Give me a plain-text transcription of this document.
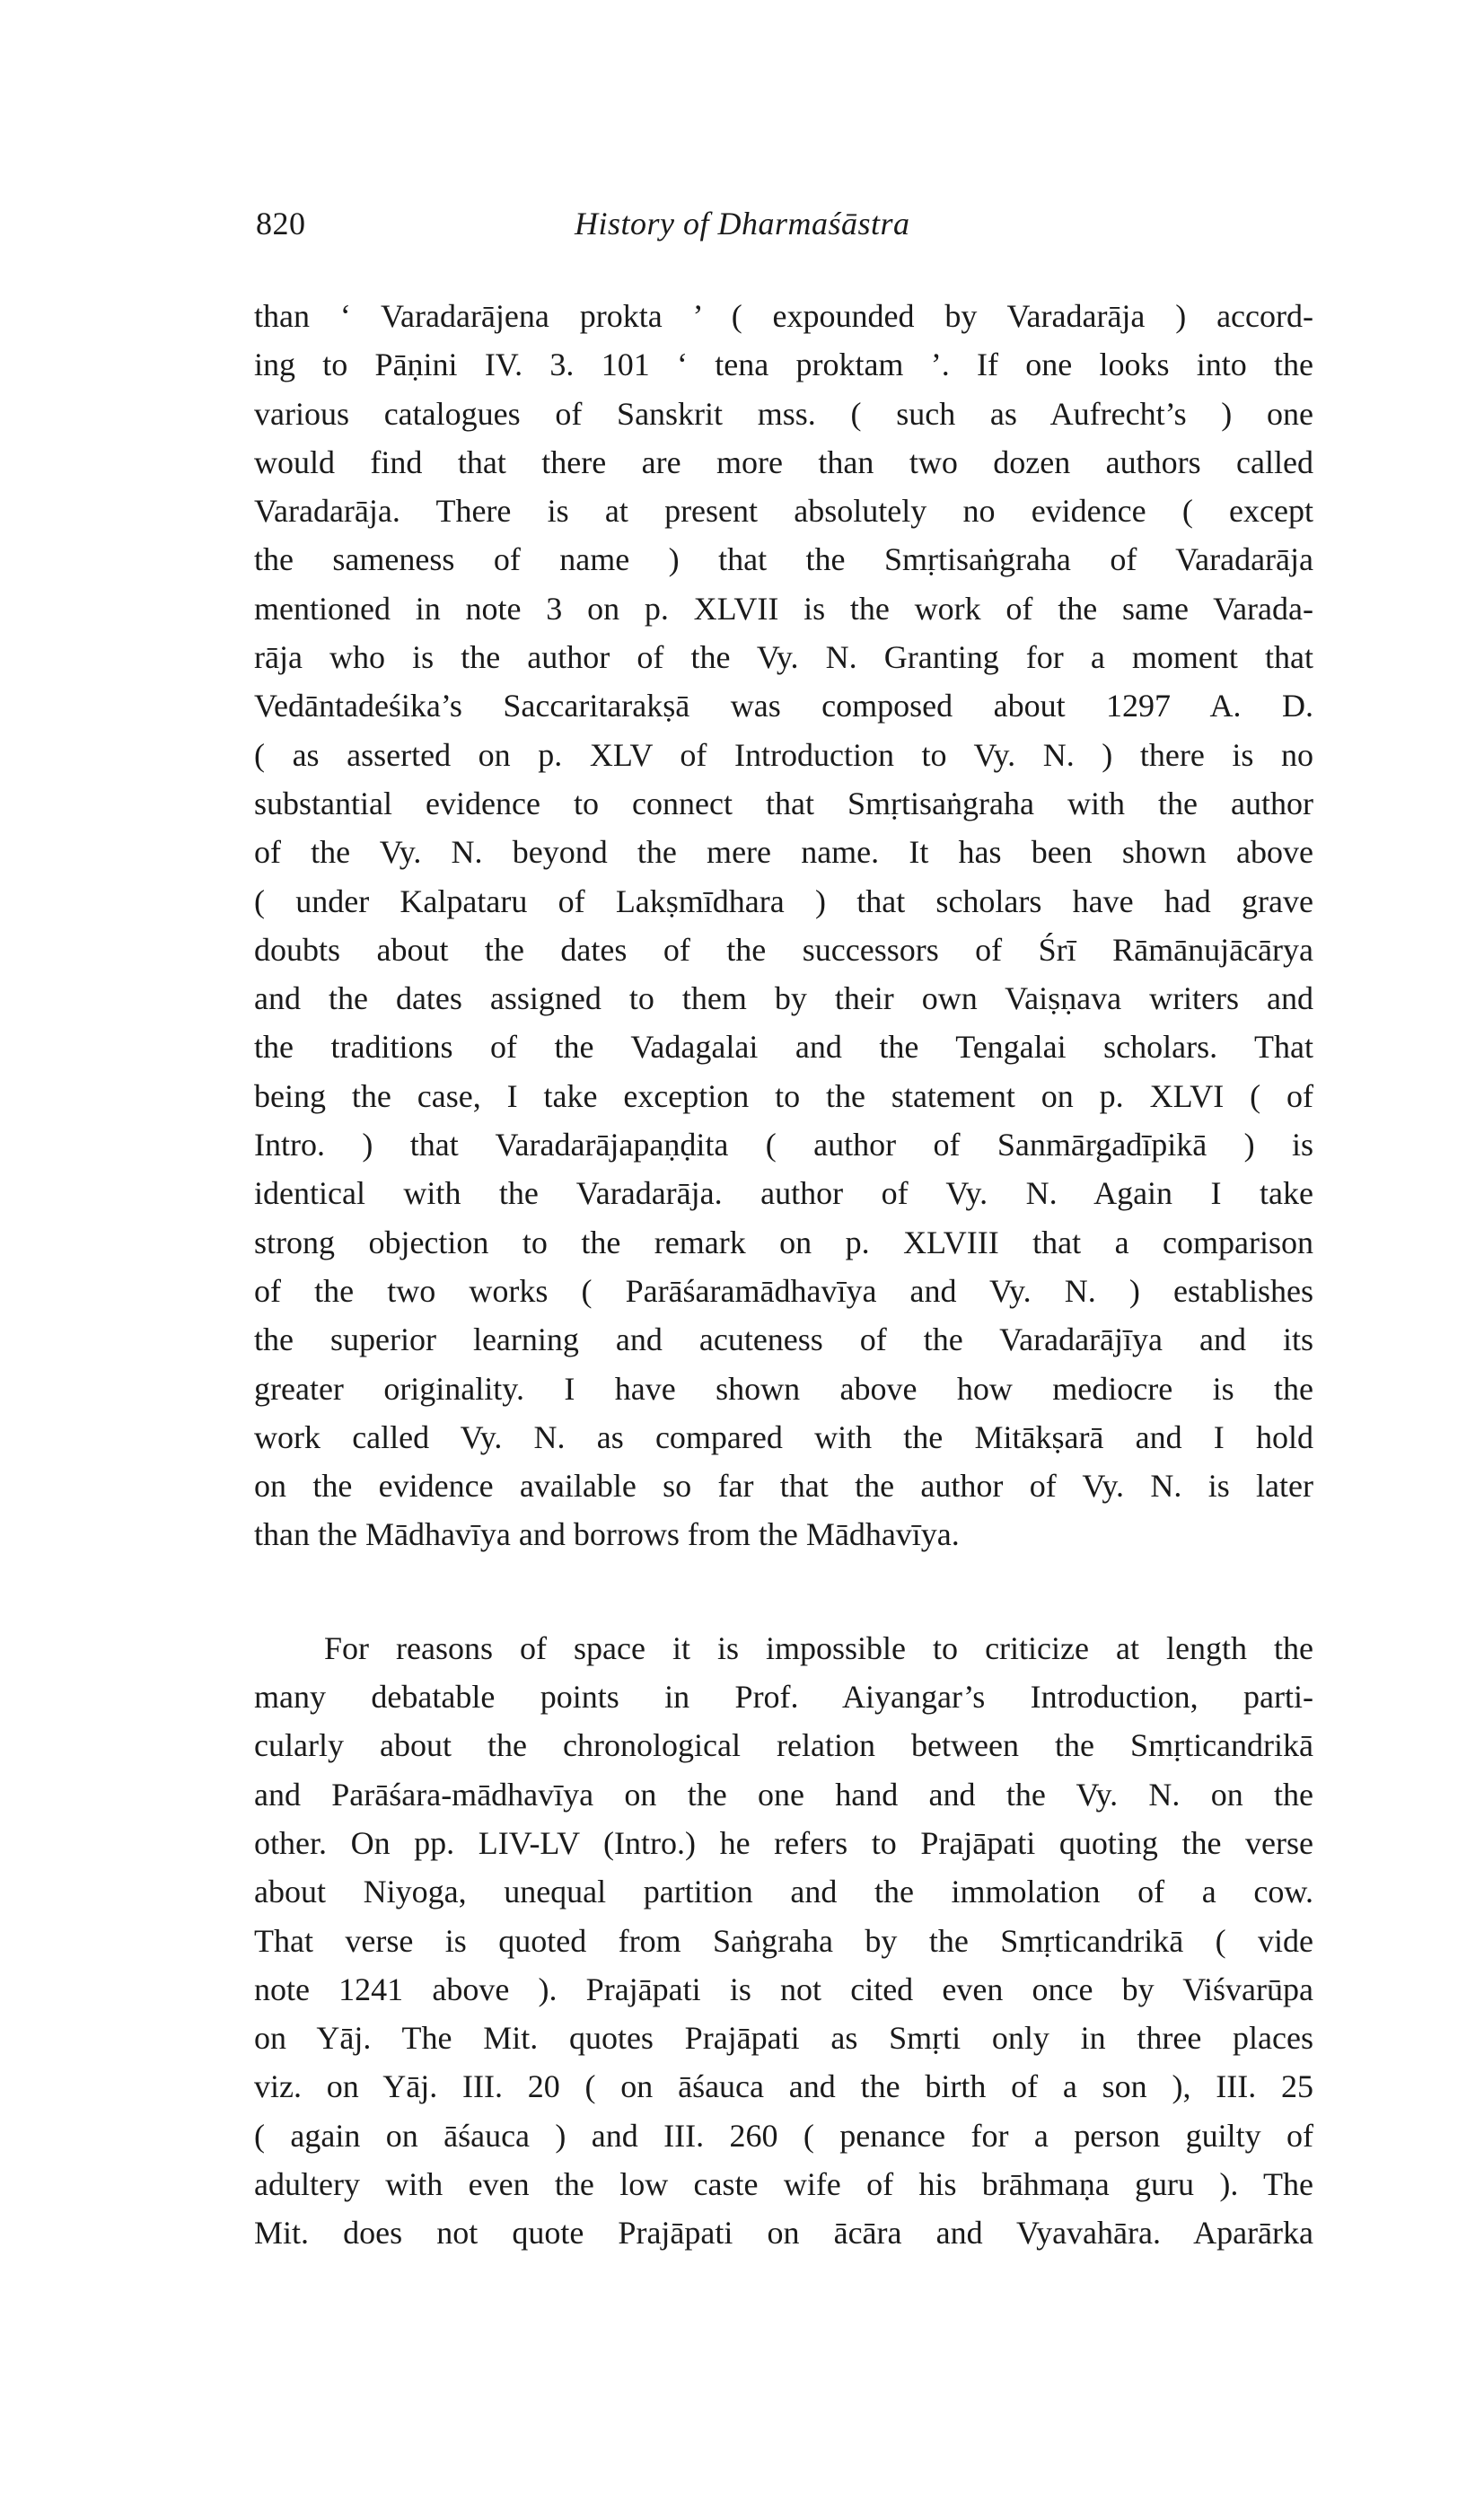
820	History of Dharmaśāstra
than ‘ Varadarājena prokta ’ ( expounded by Varadarāja ) accord-
ing to Pāṇini IV. 3. 101 ‘ tena proktam ’. If one looks into the
various catalogues of Sanskrit mss. ( such as Aufrecht’s ) one
would find that there are more than two dozen authors called
Varadarāja. There is at present absolutely no evidence ( except
the sameness of name ) that the Smṛtisaṅgraha of Varadarāja
mentioned in note 3 on p. XLVII is the work of the same Varada-
rāja who is the author of the Vy. N. Granting for a moment that
Vedāntadeśika’s Saccaritarakṣā was composed about 1297 A. D.
( as asserted on p. XLV of Introduction to Vy. N. ) there is no
substantial evidence to connect that Smṛtisaṅgraha with the author
of the Vy. N. beyond the mere name. It has been shown above
( under Kalpataru of Lakṣmīdhara ) that scholars have had grave
doubts about the dates of the successors of Śrī Rāmānujācārya
and the dates assigned to them by their own Vaiṣṇava writers and
the traditions of the Vadagalai and the Tengalai scholars. That
being the case, I take exception to the statement on p. XLVI ( of
Intro. ) that Varadarājapaṇḍita ( author of Sanmārgadīpikā ) is
identical with the Varadarāja. author of Vy. N. Again I take
strong objection to the remark on p. XLVIII that a comparison
of the two works ( Parāśaramādhavīya and Vy. N. ) establishes
the superior learning and acuteness of the Varadarājīya and its
greater originality. I have shown above how mediocre is the
work called Vy. N. as compared with the Mitākṣarā and I hold
on the evidence available so far that the author of Vy. N. is later
than the Mādhavīya and borrows from the Mādhavīya.
For reasons of space it is impossible to criticize at length the
many debatable points in Prof. Aiyangar’s Introduction, parti-
cularly about the chronological relation between the Smṛticandrikā
and Parāśara-mādhavīya on the one hand and the Vy. N. on the
other. On pp. LIV-LV (Intro.) he refers to Prajāpati quoting the verse
about Niyoga, unequal partition and the immolation of a cow.
That verse is quoted from Saṅgraha by the Smṛticandrikā ( vide
note 1241 above ). Prajāpati is not cited even once by Viśvarūpa
on Yāj. The Mit. quotes Prajāpati as Smṛti only in three places
viz. on Yāj. III. 20 ( on āśauca and the birth of a son ), III. 25
( again on āśauca ) and III. 260 ( penance for a person guilty of
adultery with even the low caste wife of his brāhmaṇa guru ). The
Mit. does not quote Prajāpati on ācāra and Vyavahāra. Aparārka
